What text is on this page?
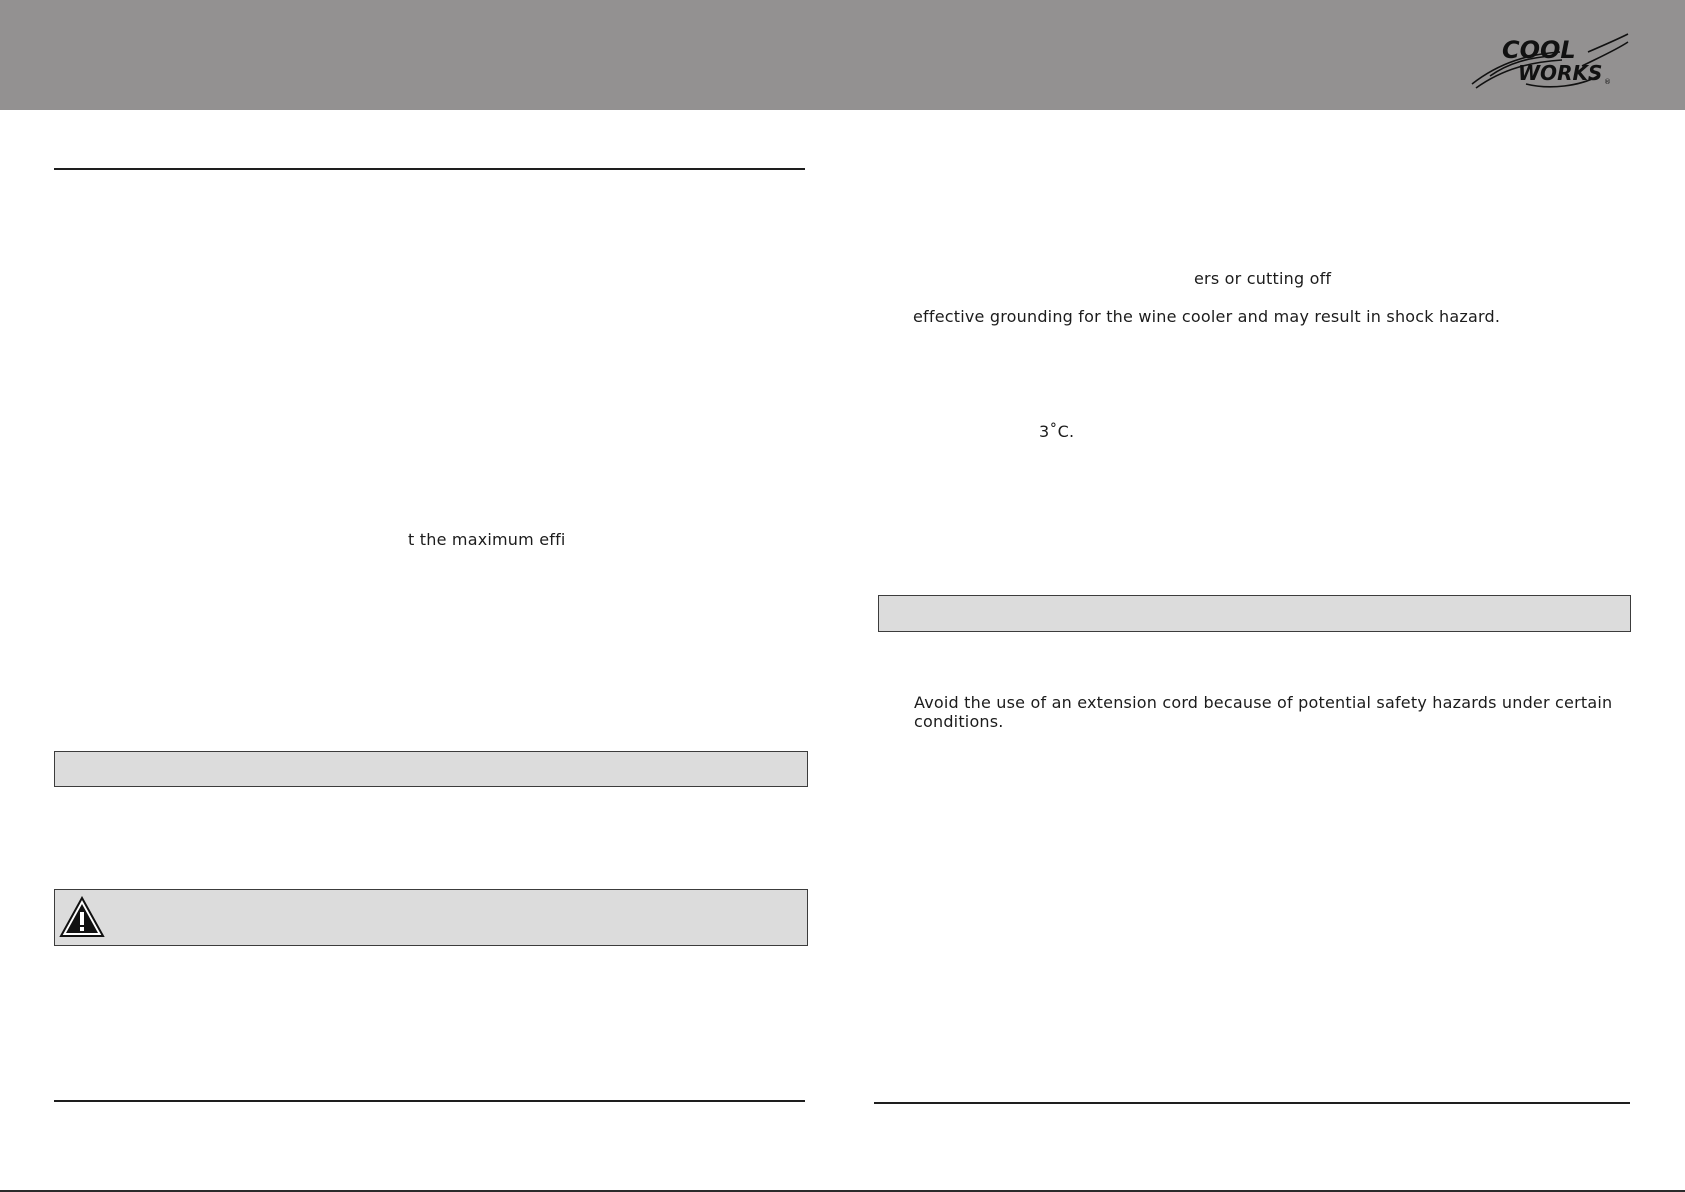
COOL
WORKS ®
t the maximum effi
ers or cutting off
effective grounding for the wine cooler and may result in shock hazard.
3˚C.
Avoid the use of an extension cord because of potential safety hazards under certain
conditions.
